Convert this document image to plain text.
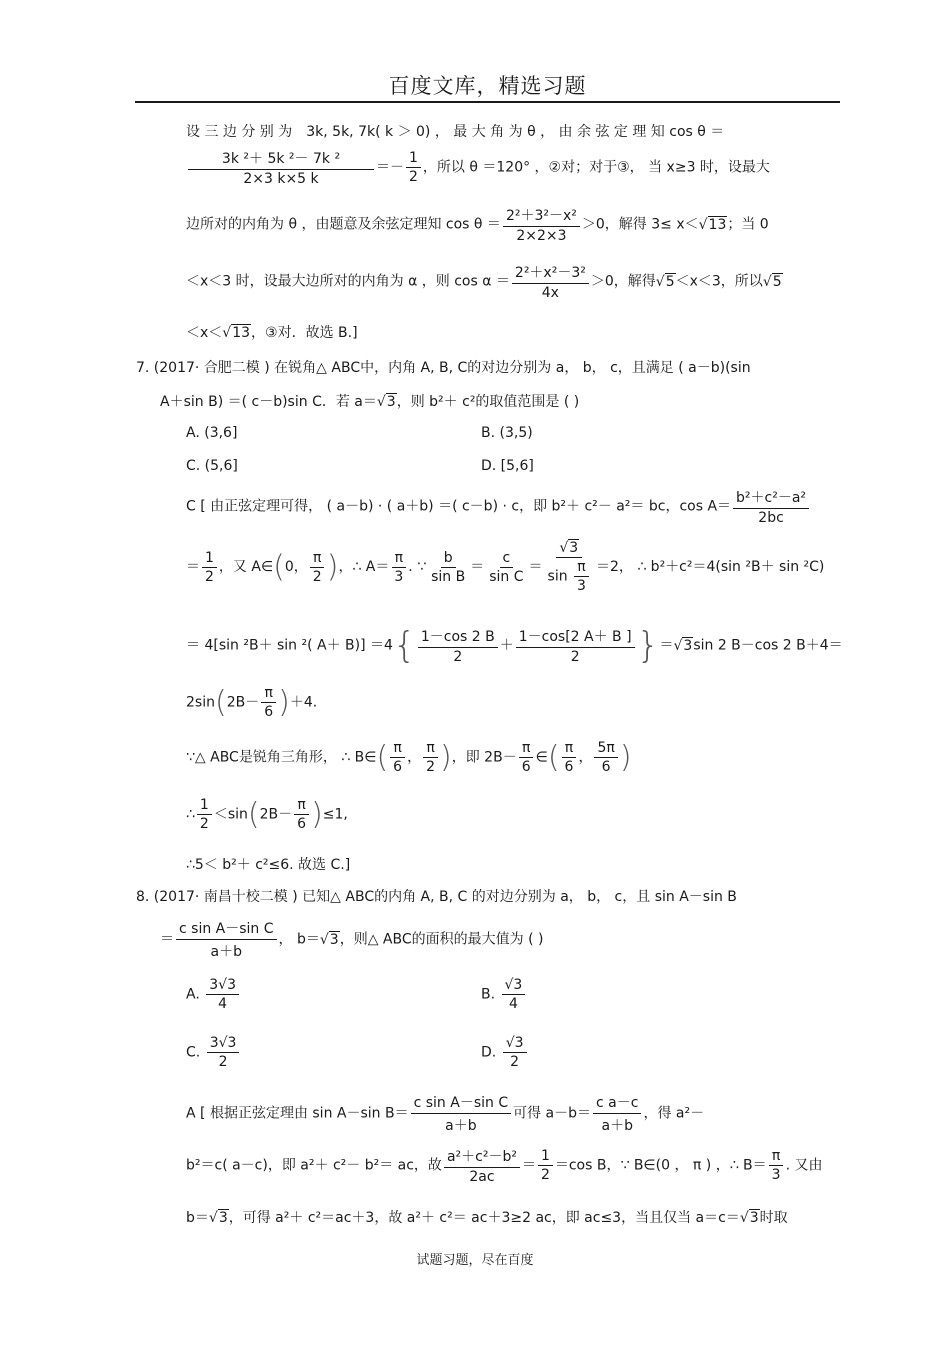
百度文库，精选习题
设 三 边 分 别 为　3k, 5k, 7k( k ＞ 0) ， 最 大 角 为 θ ， 由 余 弦 定 理 知 cos θ ＝
$\frac{\text{3k ²＋ 5k ²－ 7k ²}}{2\times 3 k\times 5 k} =- \frac{1}{2}$ ，所以 θ ＝120° ，②对；对于③， 当 x≥3 时，设最大
边所对的内角为 θ ，由题意及余弦定理知 $\cos \theta = \frac{\text{2²＋3²－x²}}{2\times 2\times 3} >0$，解得 3≤ x＜√13；当 0
＜x＜3 时，设最大边所对的内角为 α ，则 $\cos \alpha = \frac{\text{2²＋x²－3²}}{4x} >0$，解得√5＜x＜3，所以√5
＜x＜√13，③对．故选 B.]
7. (2017· 合肥二模 ) 在锐角△ ABC中，内角 A, B, C的对边分别为 a， b， c，且满足 ( a－b)(sin
A＋sin B) ＝( c－b)sin C．若 a＝√3，则 b²＋ c²的取值范围是 ( )
A. (3,6]	B. (3,5)
C. (5,6]	D. [5,6]
C [ 由正弦定理可得， ( a－b) · ( a＋b) ＝( c－b) · c，即 b²＋ c²－ a²＝ bc，$\cos A= \frac{\text{b²＋c²－a²}}{2bc}$
＝ $\frac{1}{2}$ ，又 A∈(0， $\frac{\pi}{2}$ )，∴ $A= \frac{\pi}{3}$ . ∵ $\frac{b}{\text{sin B}} = \frac{c}{\text{sin C}} = \frac{√3}{\sin \frac{\pi}{3}} =2$， ∴ b²＋c²＝4(sin ²B＋ sin ²C)
＝ 4[sin ²B＋ sin ²( $A+ B)] =4\{ \frac{1-\cos 2 B}{2} + \frac{1-\cos[2 A+ B ]}{2} \}=√3\sin$ 2 B－cos 2 B＋4＝
$2\sin(2B- \frac{\pi}{6} )+4$.
∵△ ABC是锐角三角形， ∴ B∈( $\frac{\pi}{6}$ ， $\frac{\pi}{2}$ )，即 $2B- \frac{\pi}{6}$ ∈( $\frac{\pi}{6}$ ， $\frac{5\pi}{6}$ )
∴ $\frac{1}{2} <\sin(2B- \frac{\pi}{6} )\le 1$,
∴5＜ b²＋ c²≤6. 故选 C.]
8. (2017· 南昌十校二模 ) 已知△ ABC的内角 A, B, C 的对边分别为 a， b， c，且 sin A－sin B
＝ $\frac{\text{c sin A－sin C}}{a+b}$ ， b＝√3，则△ ABC的面积的最大值为 ( )
A. $\frac{3√3}{4}$	B. $\frac{√3}{4}$
C. $\frac{3√3}{2}$	D. $\frac{√3}{2}$
A [ 根据正弦定理由 sin A－sin $B= \frac{\text{c sin A－sin C}}{a+b}$ 可得 $a-b= \frac{\text{c a－c}}{a+b}$ ，得 a²－
b²＝c( a－c)，即 a²＋ c²－ b²＝ ac，故 $\frac{\text{a²＋c²－b²}}{2ac} = \frac{1}{2} =\cos$ B，∵ B∈(0 ， π ) ，∴ $B= \frac{\pi}{3}$ . 又由
b＝√3，可得 a²＋ c²＝ac＋3，故 a²＋ c²＝ ac＋3≥2 ac，即 ac≤3，当且仅当 a＝c＝√3时取
试题习题，尽在百度
